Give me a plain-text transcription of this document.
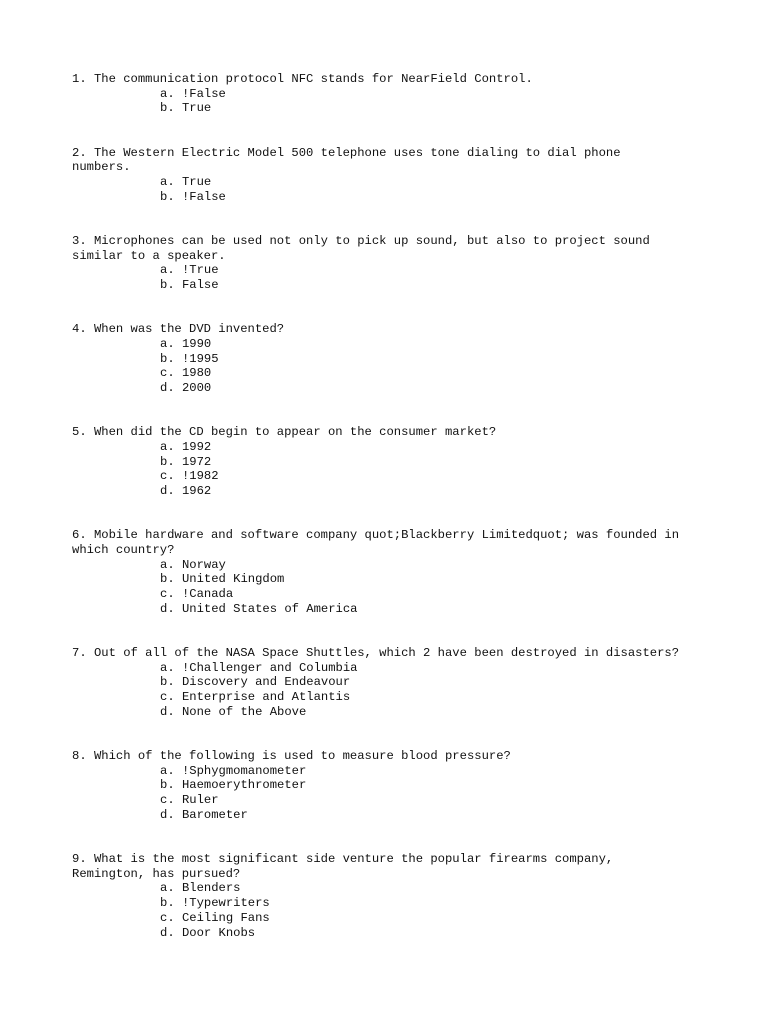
1. The communication protocol NFC stands for NearField Control.

a. !False
b. True

2. The Western Electric Model 500 telephone uses tone dialing to dial phone
numbers.

a. True
b. !False

3. Microphones can be used not only to pick up sound, but also to project sound
similar to a speaker.

a. !True
b. False

4. When was the DVD invented?

a. 1990
b. !1995
c. 1980
d. 2000

5. When did the CD begin to appear on the consumer market?

a. 1992
b. 1972
c. !1982
d. 1962

6. Mobile hardware and software company quot;Blackberry Limitedquot; was founded in
which country?

a. Norway
b. United Kingdom
c. !Canada
d. United States of America

7. Out of all of the NASA Space Shuttles, which 2 have been destroyed in disasters?

a. !Challenger and Columbia
b. Discovery and Endeavour
c. Enterprise and Atlantis
d. None of the Above

8. Which of the following is used to measure blood pressure?

a. !Sphygmomanometer
b. Haemoerythrometer
c. Ruler
d. Barometer

9. What is the most significant side venture the popular firearms company,
Remington, has pursued?

a. Blenders
b. !Typewriters
c. Ceiling Fans
d. Door Knobs
